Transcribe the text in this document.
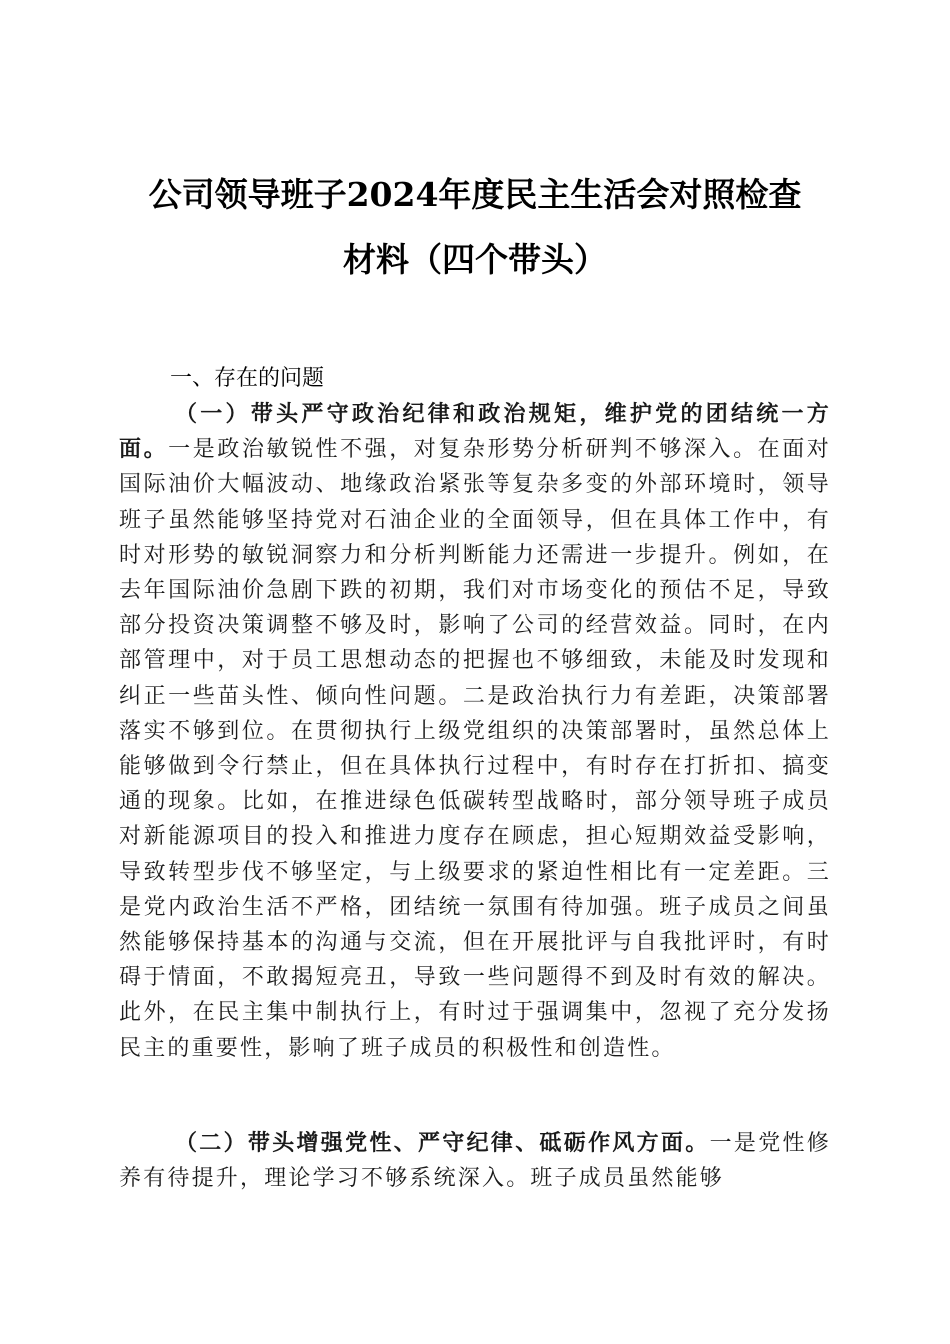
公司领导班子2024年度民主生活会对照检查
材料（四个带头）
一、存在的问题

（一）带头严守政治纪律和政治规矩，维护党的团结统一方面。一是政治敏锐性不强，对复杂形势分析研判不够深入。在面对国际油价大幅波动、地缘政治紧张等复杂多变的外部环境时，领导班子虽然能够坚持党对石油企业的全面领导，但在具体工作中，有时对形势的敏锐洞察力和分析判断能力还需进一步提升。例如，在去年国际油价急剧下跌的初期，我们对市场变化的预估不足，导致部分投资决策调整不够及时，影响了公司的经营效益。同时，在内部管理中，对于员工思想动态的把握也不够细致，未能及时发现和纠正一些苗头性、倾向性问题。二是政治执行力有差距，决策部署落实不够到位。在贯彻执行上级党组织的决策部署时，虽然总体上能够做到令行禁止，但在具体执行过程中，有时存在打折扣、搞变通的现象。比如，在推进绿色低碳转型战略时，部分领导班子成员对新能源项目的投入和推进力度存在顾虑，担心短期效益受影响，导致转型步伐不够坚定，与上级要求的紧迫性相比有一定差距。三是党内政治生活不严格，团结统一氛围有待加强。班子成员之间虽然能够保持基本的沟通与交流，但在开展批评与自我批评时，有时碍于情面，不敢揭短亮丑，导致一些问题得不到及时有效的解决。此外，在民主集中制执行上，有时过于强调集中，忽视了充分发扬民主的重要性，影响了班子成员的积极性和创造性。

（二）带头增强党性、严守纪律、砥砺作风方面。一是党性修养有待提升，理论学习不够系统深入。班子成员虽然能够
